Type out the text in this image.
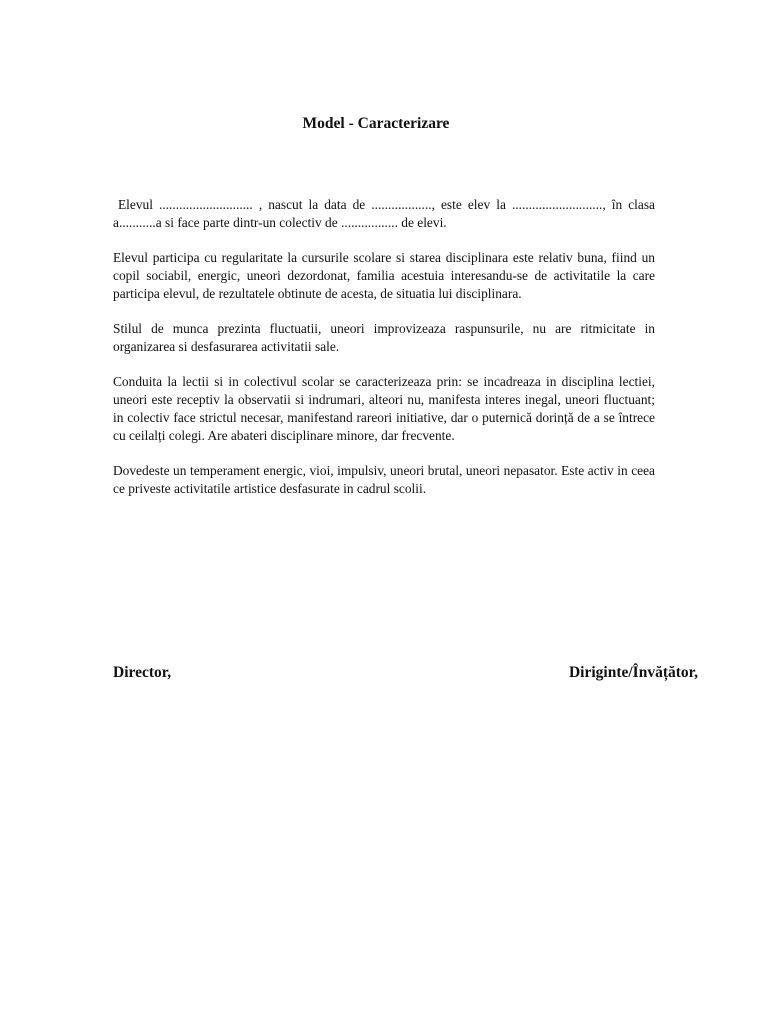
Model - Caracterizare

Elevul ............................ , nascut la data de .................., este elev la ..........................., în clasa a...........a si face parte dintr-un colectiv de ................. de elevi.

Elevul participa cu regularitate la cursurile scolare si starea disciplinara este relativ buna, fiind un copil sociabil, energic, uneori dezordonat, familia acestuia interesandu-se de activitatile la care participa elevul, de rezultatele obtinute de acesta, de situatia lui disciplinara.

Stilul de munca prezinta fluctuatii, uneori improvizeaza raspunsurile, nu are ritmicitate in organizarea si desfasurarea activitatii sale.

Conduita la lectii si in colectivul scolar se caracterizeaza prin: se incadreaza in disciplina lectiei, uneori este receptiv la observatii si indrumari, alteori nu, manifesta interes inegal, uneori fluctuant; in colectiv face strictul necesar, manifestand rareori initiative, dar o puternică dorință de a se întrece cu ceilalți colegi. Are abateri disciplinare minore, dar frecvente.

Dovedeste un temperament energic, vioi, impulsiv, uneori brutal, uneori nepasator. Este activ in ceea ce priveste activitatile artistice desfasurate in cadrul scolii.

Director,	Diriginte/Învățător,
